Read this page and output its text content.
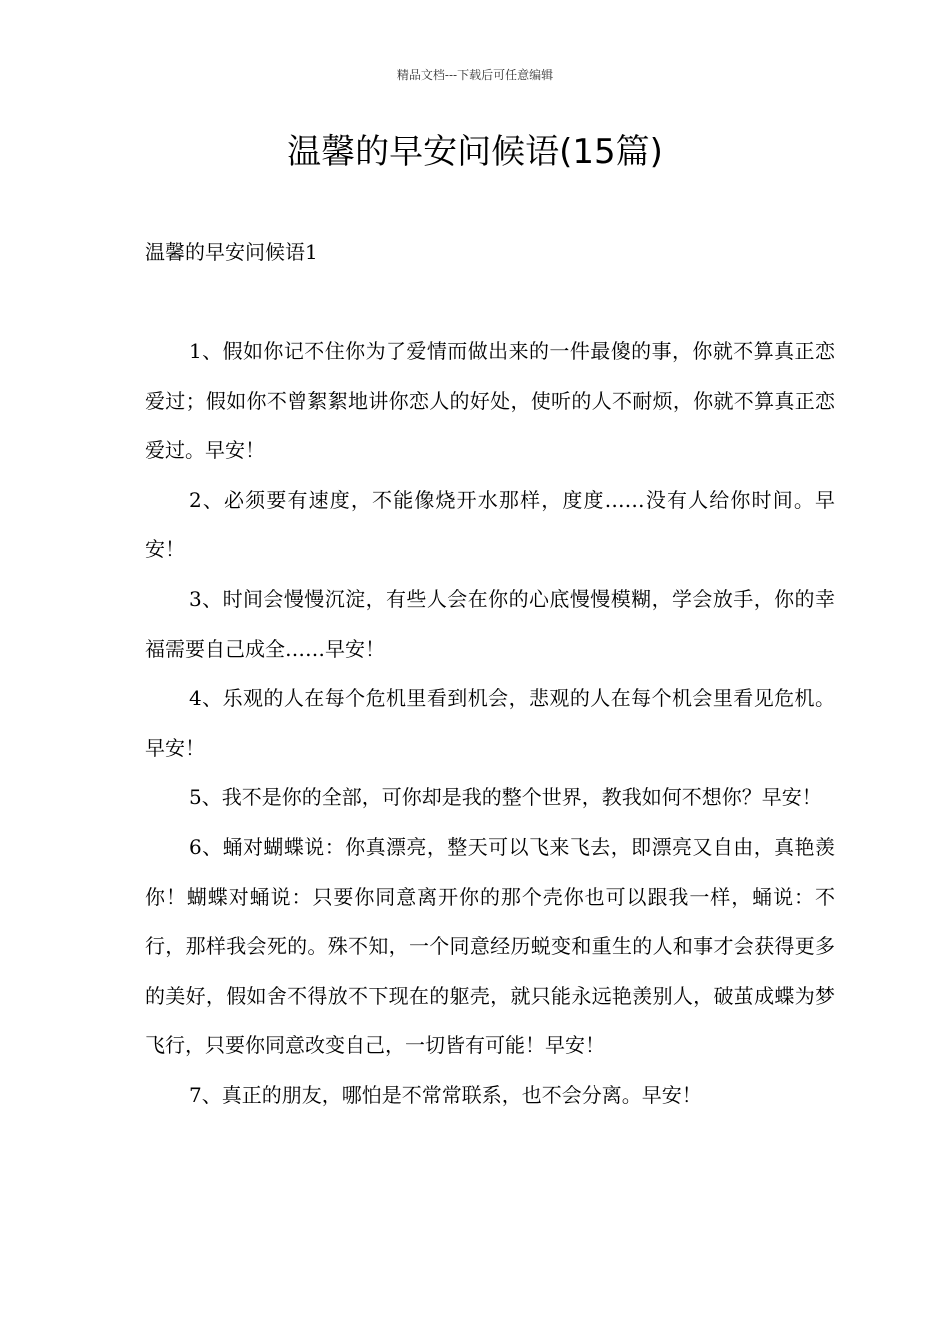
精品文档---下载后可任意编辑
温馨的早安问候语(15篇)
温馨的早安问候语1

1、假如你记不住你为了爱情而做出来的一件最傻的事，你就不算真正恋爱过；假如你不曾絮絮地讲你恋人的好处，使听的人不耐烦，你就不算真正恋爱过。早安！

2、必须要有速度，不能像烧开水那样，度度……没有人给你时间。早安！

3、时间会慢慢沉淀，有些人会在你的心底慢慢模糊，学会放手，你的幸福需要自己成全……早安！

4、乐观的人在每个危机里看到机会，悲观的人在每个机会里看见危机。早安！

5、我不是你的全部，可你却是我的整个世界，教我如何不想你？早安！

6、蛹对蝴蝶说：你真漂亮，整天可以飞来飞去，即漂亮又自由，真艳羡你！蝴蝶对蛹说：只要你同意离开你的那个壳你也可以跟我一样，蛹说：不行，那样我会死的。殊不知，一个同意经历蜕变和重生的人和事才会获得更多的美好，假如舍不得放不下现在的躯壳，就只能永远艳羡别人，破茧成蝶为梦飞行，只要你同意改变自己，一切皆有可能！早安！

7、真正的朋友，哪怕是不常常联系，也不会分离。早安！
